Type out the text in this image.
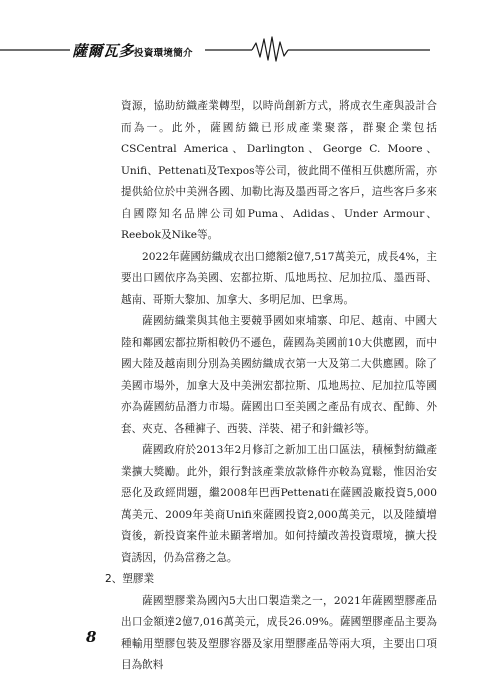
薩爾瓦多投資環境簡介

資源，協助紡織產業轉型，以時尚創新方式，將成衣生產與設計合而為一。此外，薩國紡織已形成產業聚落，群聚企業包括CSCentral America、Darlington、George C. Moore、Unifi、Pettenati及Texpos等公司，彼此間不僅相互供應所需，亦提供給位於中美洲各國、加勒比海及墨西哥之客戶，這些客戶多來自國際知名品牌公司如Puma、Adidas、Under Armour、Reebok及Nike等。

2022年薩國紡織成衣出口總額2億7,517萬美元，成長4%，主要出口國依序為美國、宏都拉斯、瓜地馬拉、尼加拉瓜、墨西哥、越南、哥斯大黎加、加拿大、多明尼加、巴拿馬。

薩國紡織業與其他主要競爭國如柬埔寨、印尼、越南、中國大陸和鄰國宏都拉斯相較仍不遜色，薩國為美國前10大供應國，而中國大陸及越南則分別為美國紡織成衣第一大及第二大供應國。除了美國市場外，加拿大及中美洲宏都拉斯、瓜地馬拉、尼加拉瓜等國亦為薩國紡品潛力市場。薩國出口至美國之產品有成衣、配飾、外套、夾克、各種褲子、西裝、洋裝、裙子和針織衫等。

薩國政府於2013年2月修訂之新加工出口區法，積極對紡織產業擴大獎勵。此外，銀行對該產業放款條件亦較為寬鬆，惟因治安惡化及政經問題，繼2008年巴西Pettenati在薩國設廠投資5,000萬美元、2009年美商Unifi來薩國投資2,000萬美元，以及陸續增資後，新投資案件並未顯著增加。如何持續改善投資環境，擴大投資誘因，仍為當務之急。

2、塑膠業

薩國塑膠業為國內5大出口製造業之一，2021年薩國塑膠產品出口金額達2億7,016萬美元，成長26.09%。薩國塑膠產品主要為種輸用塑膠包裝及塑膠容器及家用塑膠產品等兩大項，主要出口項目為飲料

8
